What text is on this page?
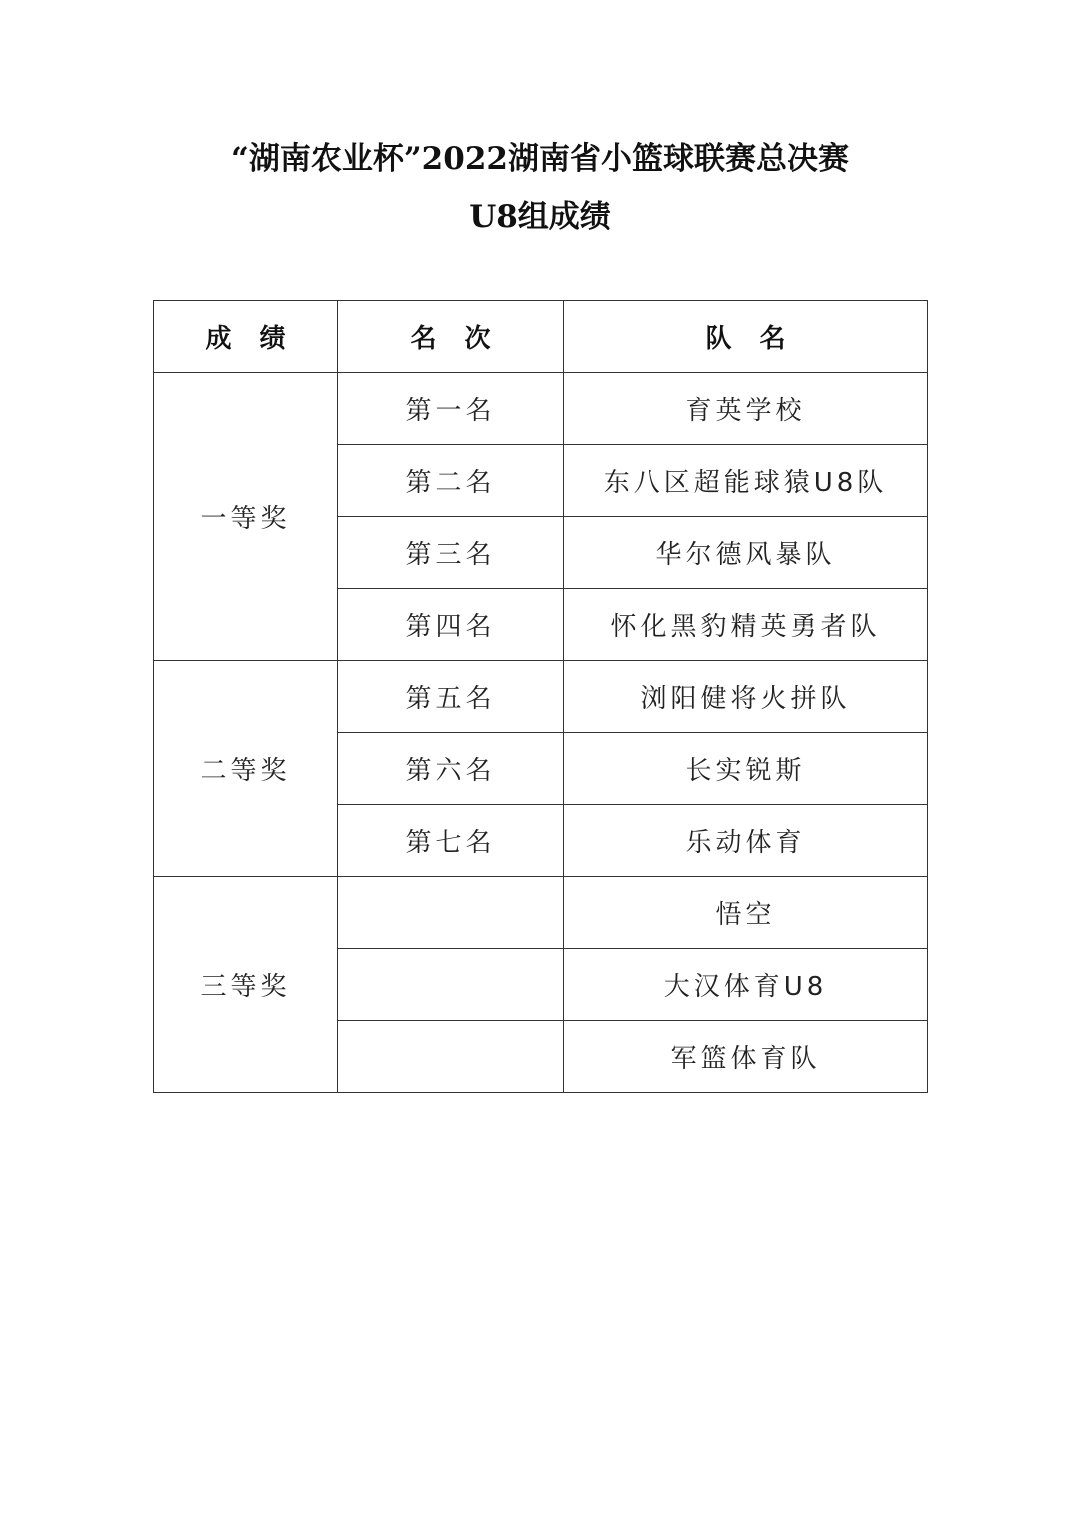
“湖南农业杯”2022湖南省小篮球联赛总决赛
U8组成绩
成绩	名次	队名
一等奖	第一名	育英学校
	第二名	东八区超能球猿U8队
	第三名	华尔德风暴队
	第四名	怀化黑豹精英勇者队
二等奖	第五名	浏阳健将火拼队
	第六名	长实锐斯
	第七名	乐动体育
三等奖		悟空
		大汉体育U8
		军篮体育队
